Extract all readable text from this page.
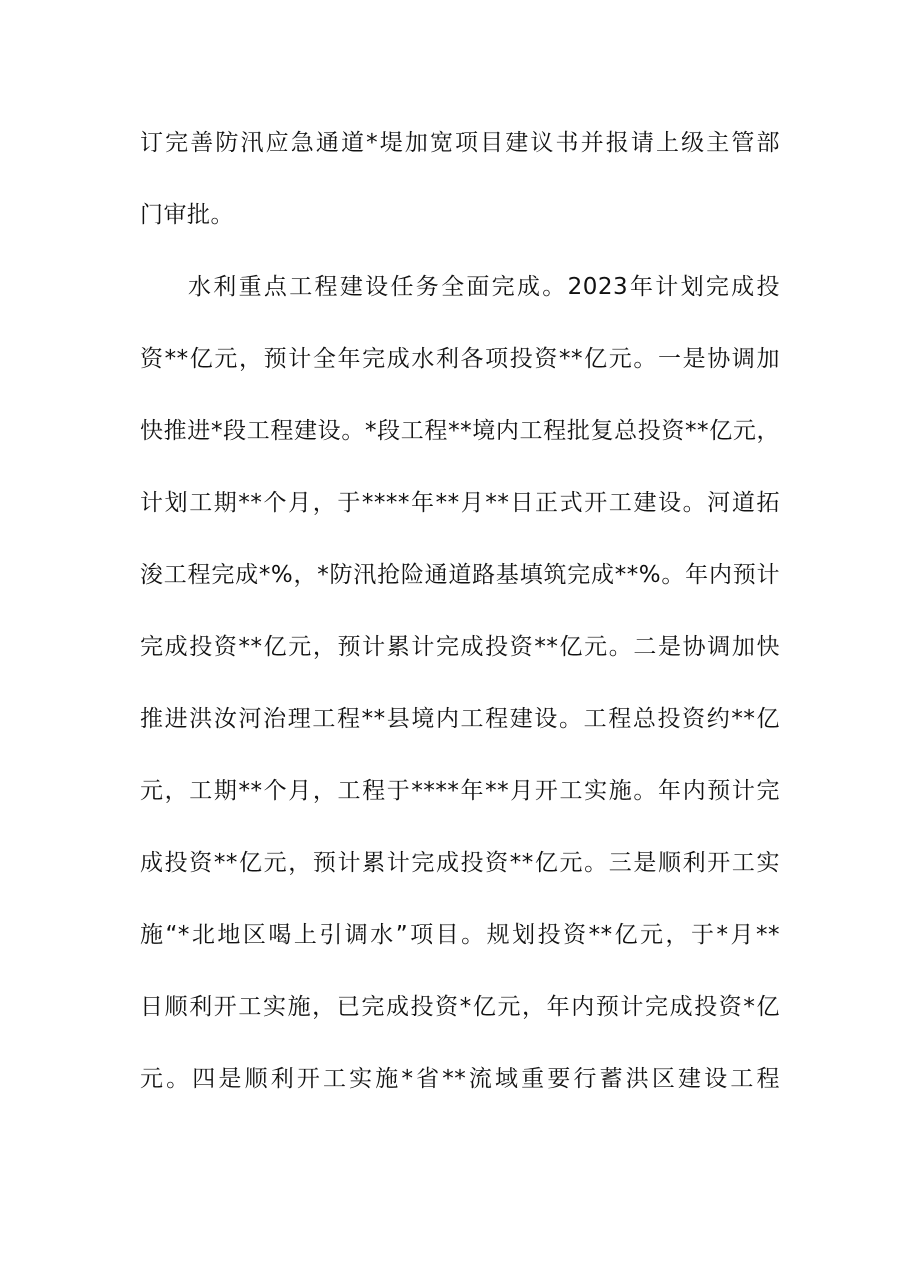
订完善防汛应急通道*堤加宽项目建议书并报请上级主管部
门审批。
水利重点工程建设任务全面完成。2023年计划完成投
资**亿元，预计全年完成水利各项投资**亿元。一是协调加
快推进*段工程建设。*段工程**境内工程批复总投资**亿元，
计划工期**个月，于****年**月**日正式开工建设。河道拓
浚工程完成*%，*防汛抢险通道路基填筑完成**%。年内预计
完成投资**亿元，预计累计完成投资**亿元。二是协调加快
推进洪汝河治理工程**县境内工程建设。工程总投资约**亿
元，工期**个月，工程于****年**月开工实施。年内预计完
成投资**亿元，预计累计完成投资**亿元。三是顺利开工实
施“*北地区喝上引调水”项目。规划投资**亿元，于*月**
日顺利开工实施，已完成投资*亿元，年内预计完成投资*亿
元。四是顺利开工实施*省**流域重要行蓄洪区建设工程
